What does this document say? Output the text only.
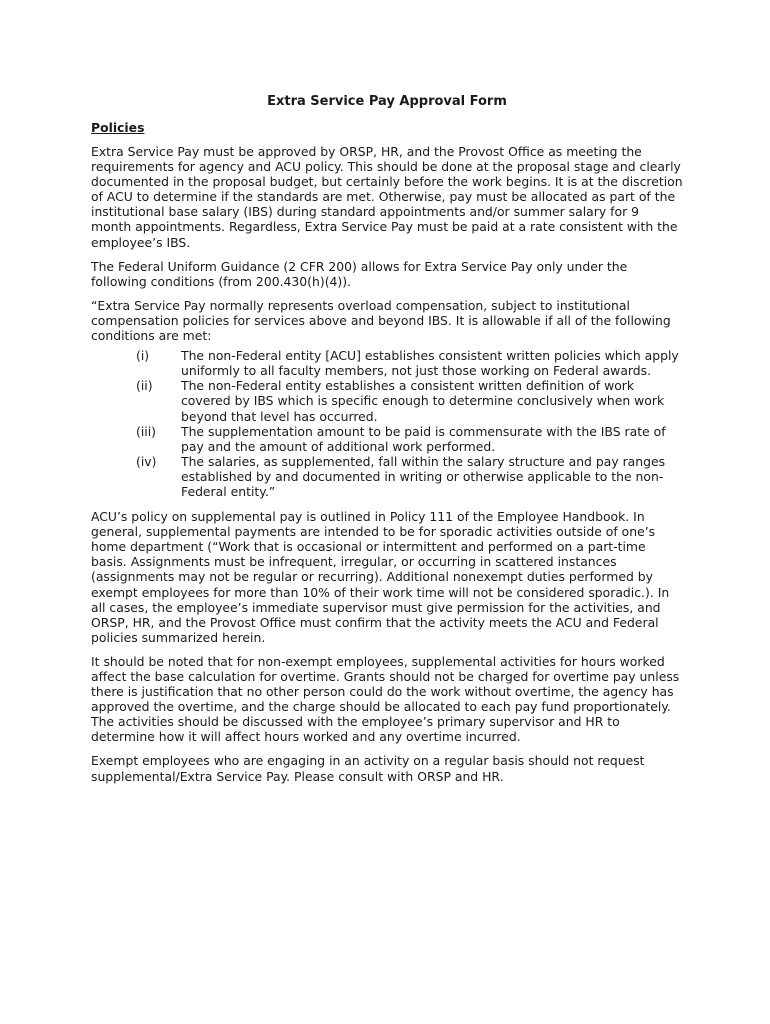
Extra Service Pay Approval Form
Policies

Extra Service Pay must be approved by ORSP, HR, and the Provost Office as meeting the requirements for agency and ACU policy. This should be done at the proposal stage and clearly documented in the proposal budget, but certainly before the work begins. It is at the discretion of ACU to determine if the standards are met. Otherwise, pay must be allocated as part of the institutional base salary (IBS) during standard appointments and/or summer salary for 9 month appointments. Regardless, Extra Service Pay must be paid at a rate consistent with the employee’s IBS.

The Federal Uniform Guidance (2 CFR 200) allows for Extra Service Pay only under the following conditions (from 200.430(h)(4)).

“Extra Service Pay normally represents overload compensation, subject to institutional compensation policies for services above and beyond IBS. It is allowable if all of the following conditions are met:

(i)	The non-Federal entity [ACU] establishes consistent written policies which apply uniformly to all faculty members, not just those working on Federal awards.
(ii)	The non-Federal entity establishes a consistent written definition of work covered by IBS which is specific enough to determine conclusively when work beyond that level has occurred.
(iii)	The supplementation amount to be paid is commensurate with the IBS rate of pay and the amount of additional work performed.
(iv)	The salaries, as supplemented, fall within the salary structure and pay ranges established by and documented in writing or otherwise applicable to the non-Federal entity.”

ACU’s policy on supplemental pay is outlined in Policy 111 of the Employee Handbook. In general, supplemental payments are intended to be for sporadic activities outside of one’s home department (“Work that is occasional or intermittent and performed on a part-time basis. Assignments must be infrequent, irregular, or occurring in scattered instances (assignments may not be regular or recurring). Additional nonexempt duties performed by exempt employees for more than 10% of their work time will not be considered sporadic.). In all cases, the employee’s immediate supervisor must give permission for the activities, and ORSP, HR, and the Provost Office must confirm that the activity meets the ACU and Federal policies summarized herein.

It should be noted that for non-exempt employees, supplemental activities for hours worked affect the base calculation for overtime. Grants should not be charged for overtime pay unless there is justification that no other person could do the work without overtime, the agency has approved the overtime, and the charge should be allocated to each pay fund proportionately. The activities should be discussed with the employee’s primary supervisor and HR to determine how it will affect hours worked and any overtime incurred.

Exempt employees who are engaging in an activity on a regular basis should not request supplemental/Extra Service Pay. Please consult with ORSP and HR.
